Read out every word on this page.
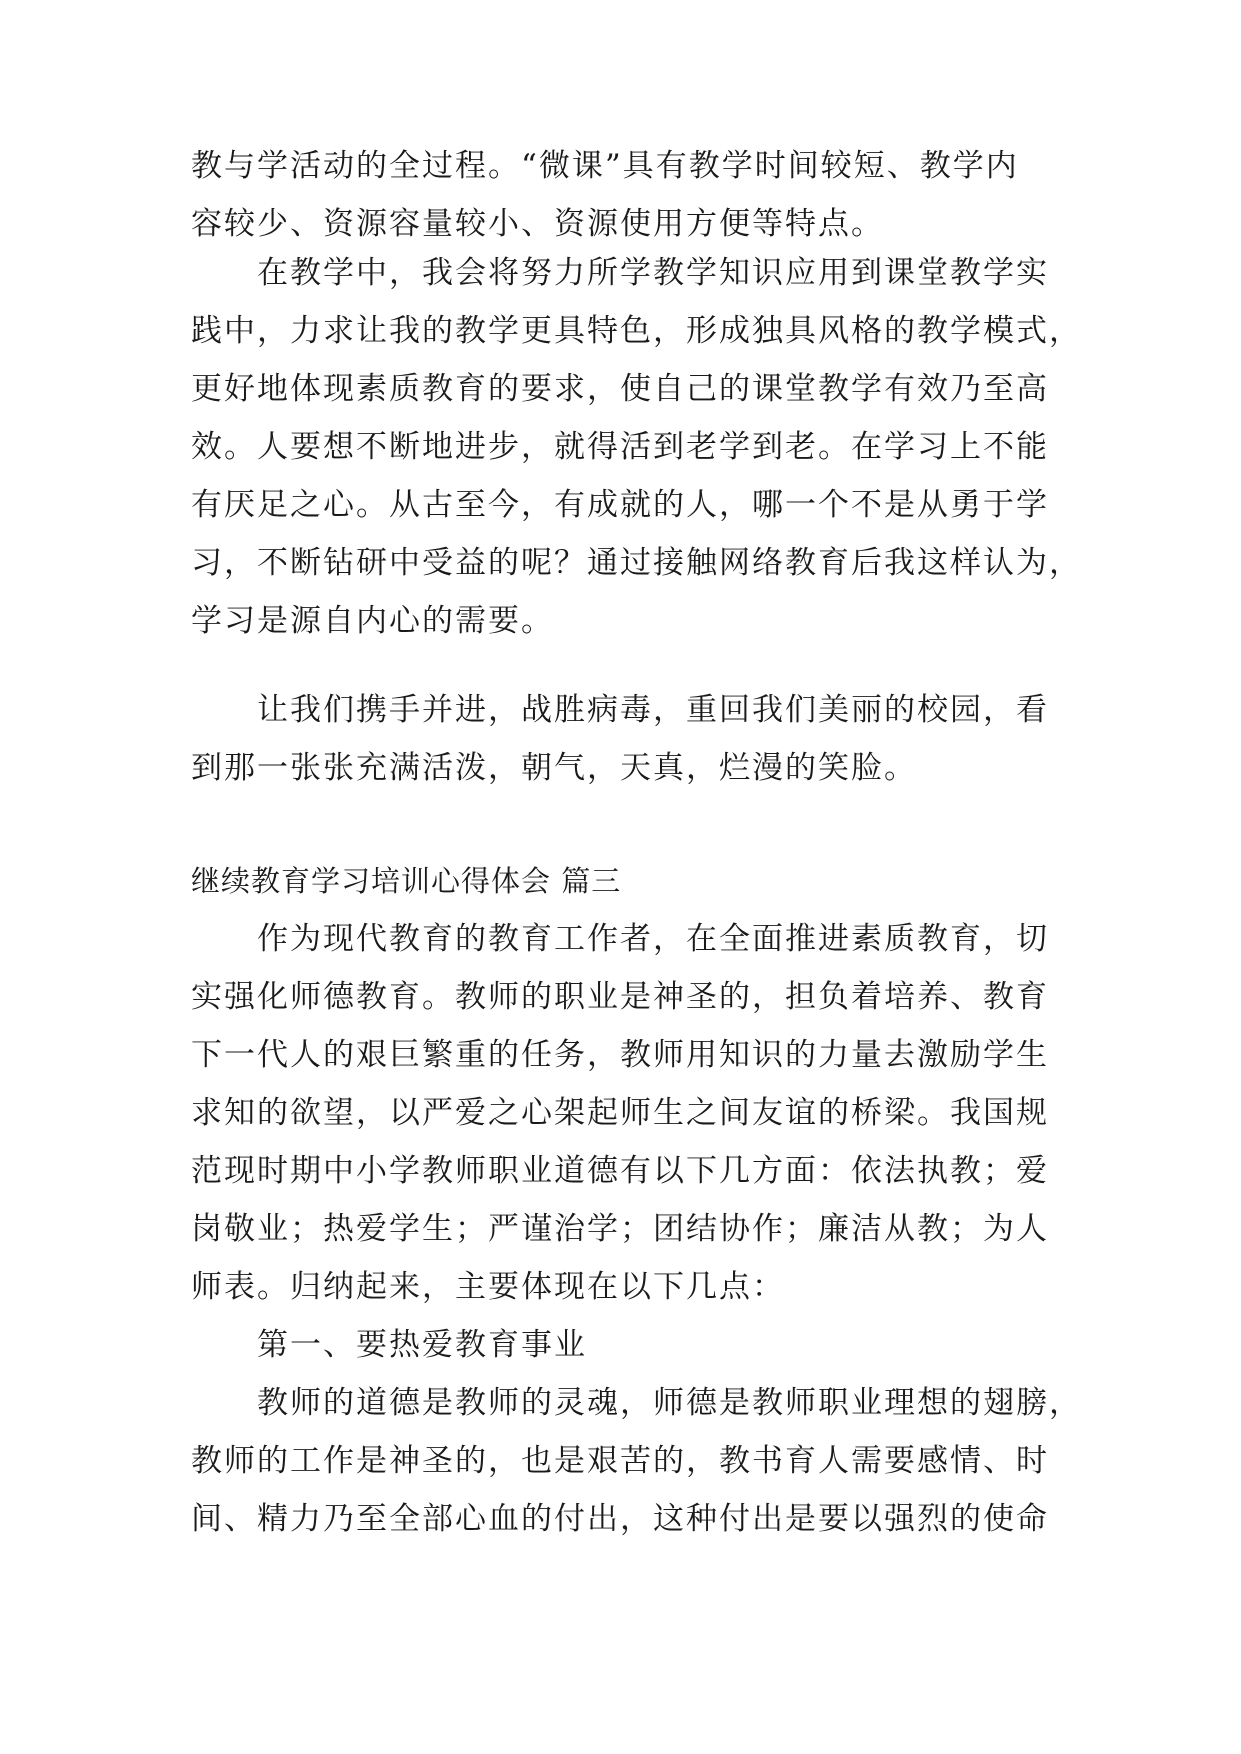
教与学活动的全过程。“微课”具有教学时间较短、教学内
容较少、资源容量较小、资源使用方便等特点。
在教学中，我会将努力所学教学知识应用到课堂教学实
践中，力求让我的教学更具特色，形成独具风格的教学模式，
更好地体现素质教育的要求，使自己的课堂教学有效乃至高
效。人要想不断地进步，就得活到老学到老。在学习上不能
有厌足之心。从古至今，有成就的人，哪一个不是从勇于学
习，不断钻研中受益的呢？通过接触网络教育后我这样认为，
学习是源自内心的需要。
让我们携手并进，战胜病毒，重回我们美丽的校园，看
到那一张张充满活泼，朝气，天真，烂漫的笑脸。
继续教育学习培训心得体会 篇三
作为现代教育的教育工作者，在全面推进素质教育，切
实强化师德教育。教师的职业是神圣的，担负着培养、教育
下一代人的艰巨繁重的任务，教师用知识的力量去激励学生
求知的欲望，以严爱之心架起师生之间友谊的桥梁。我国规
范现时期中小学教师职业道德有以下几方面：依法执教；爱
岗敬业；热爱学生；严谨治学；团结协作；廉洁从教；为人
师表。归纳起来，主要体现在以下几点：
第一、要热爱教育事业
教师的道德是教师的灵魂，师德是教师职业理想的翅膀，
教师的工作是神圣的，也是艰苦的，教书育人需要感情、时
间、精力乃至全部心血的付出，这种付出是要以强烈的使命
